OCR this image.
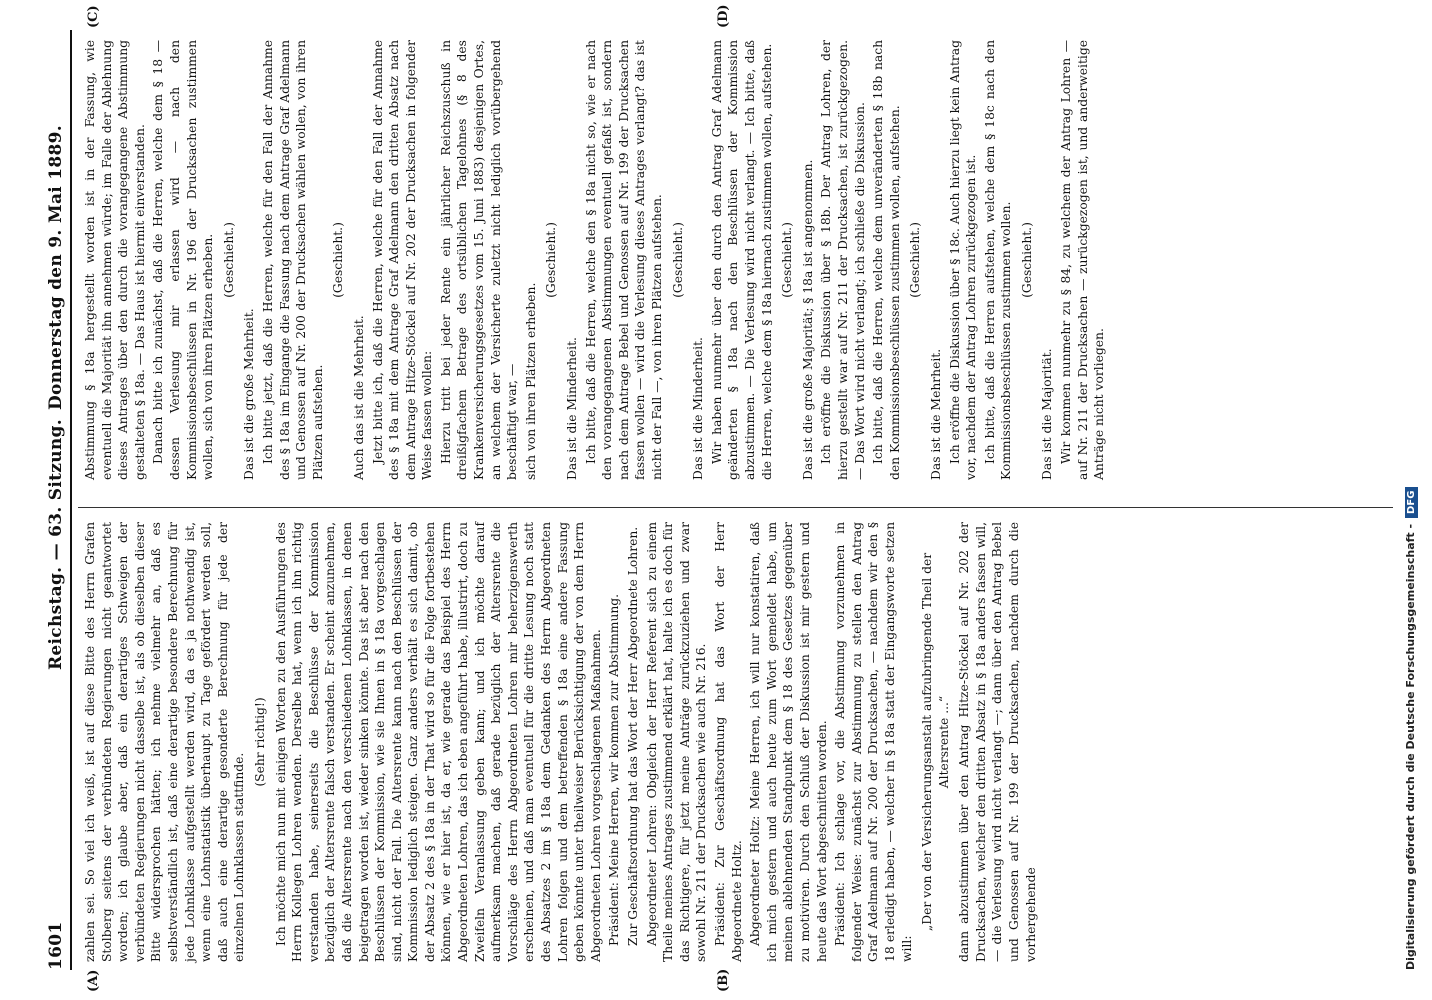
1601
Reichstag. — 63. Sitzung.
Donnerstag den 9. Mai 1889.
(A)	(B)
(C)	(D)

zahlen sei. So viel ich weiß, ist auf diese Bitte des Herrn Grafen Stolberg seitens der verbündeten Regierungen nicht geantwortet worden; ich glaube aber, daß ein derartiges Schweigen der verbündeten Regierungen nicht dasselbe ist, als ob dieselben dieser Bitte widersprochen hätten; ich nehme vielmehr an, daß es selbstverständlich ist, daß eine derartige besondere Berechnung für jede Lohnklasse aufgestellt werden wird, da es ja nothwendig ist, wenn eine Lohnstatistik überhaupt zu Tage gefördert werden soll, daß auch eine derartige gesonderte Berechnung für jede der einzelnen Lohnklassen stattfinde.

(Sehr richtig!) Ich möchte mich nun mit einigen Worten zu den Ausführungen des Herrn Kollegen Lohren wenden. Derselbe hat, wenn ich ihn richtig verstanden habe, seinerseits die Beschlüsse der Kommission bezüglich der Altersrente falsch verstanden. Er scheint anzunehmen, daß die Altersrente nach den verschiedenen Lohnklassen, in denen beigetragen worden ist, wieder sinken könnte. Das ist aber nach den Beschlüssen der Kommission, wie sie Ihnen in § 18a vorgeschlagen sind, nicht der Fall. Die Altersrente kann nach den Beschlüssen der Kommission lediglich steigen. Ganz anders verhält es sich damit, ob der Absatz 2 des § 18a in der That wird so für die Folge fortbestehen können, wie er hier ist, da er, wie gerade das Beispiel des Herrn Abgeordneten Lohren, das ich eben angeführt habe, illustrirt, doch zu Zweifeln Veranlassung geben kann; und ich möchte darauf aufmerksam machen, daß gerade bezüglich der Altersrente die Vorschläge des Herrn Abgeordneten Lohren mir beherzigenswerth erscheinen, und daß man eventuell für die dritte Lesung noch statt des Absatzes 2 im § 18a dem Gedanken des Herrn Abgeordneten Lohren folgen und dem betreffenden § 18a eine andere Fassung geben könnte unter theilweiser Berücksichtigung der von dem Herrn Abgeordneten Lohren vorgeschlagenen Maßnahmen. Präsident: Meine Herren, wir kommen zur Abstimmung. Zur Geschäftsordnung hat das Wort der Herr Abgeordnete Lohren. Abgeordneter Lohren: Obgleich der Herr Referent sich zu einem Theile meines Antrages zustimmend erklärt hat, halte ich es doch für das Richtigere, für jetzt meine Anträge zurückzuziehen und zwar sowohl Nr. 211 der Drucksachen wie auch Nr. 216. Präsident: Zur Geschäftsordnung hat das Wort der Herr Abgeordnete Holtz. Abgeordneter Holtz: Meine Herren, ich will nur konstatiren, daß ich mich gestern und auch heute zum Wort gemeldet habe, um meinen ablehnenden Standpunkt dem § 18 des Gesetzes gegenüber zu motiviren. Durch den Schluß der Diskussion ist mir gestern und heute das Wort abgeschnitten worden. Präsident: Ich schlage vor, die Abstimmung vorzunehmen in folgender Weise: zunächst zur Abstimmung zu stellen den Antrag Graf Adelmann auf Nr. 200 der Drucksachen, — nachdem wir den § 18 erledigt haben, — welcher in § 18a statt der Eingangsworte setzen will:

„Der von der Versicherungsanstalt aufzubringende Theil der Altersrente ...“ dann abzustimmen über den Antrag Hitze-Stöckel auf Nr. 202 der Drucksachen, welcher den dritten Absatz in § 18a anders fassen will, — die Verlesung wird nicht verlangt —; dann über den Antrag Bebel und Genossen auf Nr. 199 der Drucksachen, nachdem durch die vorhergehende

Abstimmung § 18a hergestellt worden ist in der Fassung, wie eventuell die Majorität ihn annehmen würde; im Falle der Ablehnung dieses Antrages über den durch die vorangegangene Abstimmung gestalteten § 18a. — Das Haus ist hiermit einverstanden. Danach bitte ich zunächst, daß die Herren, welche dem § 18 — dessen Verlesung mir erlassen wird — nach den Kommissionsbeschlüssen in Nr. 196 der Drucksachen zustimmen wollen, sich von ihren Plätzen erheben. (Geschieht.)

Das ist die große Mehrheit. Ich bitte jetzt, daß die Herren, welche für den Fall der Annahme des § 18a im Eingange die Fassung nach dem Antrage Graf Adelmann und Genossen auf Nr. 200 der Drucksachen wählen wollen, von ihren Plätzen aufstehen.

(Geschieht.)

Auch das ist die Mehrheit. Jetzt bitte ich, daß die Herren, welche für den Fall der Annahme des § 18a mit dem Antrage Graf Adelmann den dritten Absatz nach dem Antrage Hitze-Stöckel auf Nr. 202 der Drucksachen in folgender Weise fassen wollen: Hierzu tritt bei jeder Rente ein jährlicher Reichszuschuß in dreißigfachem Betrage des ortsüblichen Tagelohnes (§ 8 des Krankenversicherungsgesetzes vom 15. Juni 1883) desjenigen Ortes, an welchem der Versicherte zuletzt nicht lediglich vorübergehend beschäftigt war, — sich von ihren Plätzen erheben.

(Geschieht.)

Das ist die Minderheit. Ich bitte, daß die Herren, welche den § 18a nicht so, wie er nach den vorangegangenen Abstimmungen eventuell gefaßt ist, sondern nach dem Antrage Bebel und Genossen auf Nr. 199 der Drucksachen fassen wollen — wird die Verlesung dieses Antrages verlangt? das ist nicht der Fall —, von ihren Plätzen aufstehen. (Geschieht.)

Das ist die Minderheit. Wir haben nunmehr über den durch den Antrag Graf Adelmann geänderten § 18a nach den Beschlüssen der Kommission abzustimmen. — Die Verlesung wird nicht verlangt. — Ich bitte, daß die Herren, welche dem § 18a hiernach zustimmen wollen, aufstehen. (Geschieht.) Das ist die große Majorität; § 18a ist angenommen. Ich eröffne die Diskussion über § 18b. Der Antrag Lohren, der hierzu gestellt war auf Nr. 211 der Drucksachen, ist zurückgezogen. — Das Wort wird nicht verlangt; ich schließe die Diskussion. Ich bitte, daß die Herren, welche dem unveränderten § 18b nach den Kommissionsbeschlüssen zustimmen wollen, aufstehen. (Geschieht.)

Das ist die Mehrheit. Ich eröffne die Diskussion über § 18c. Auch hierzu liegt kein Antrag vor, nachdem der Antrag Lohren zurückgezogen ist. Ich bitte, daß die Herren aufstehen, welche dem § 18c nach den Kommissionsbeschlüssen zustimmen wollen. (Geschieht.)

Das ist die Majorität. Wir kommen nunmehr zu § 84, zu welchem der Antrag Lohren — auf Nr. 211 der Drucksachen — zurückgezogen ist, und anderweitige Anträge nicht vorliegen.

Digitalisierung gefördert durch die Deutsche Forschungsgemeinschaft -DFG
